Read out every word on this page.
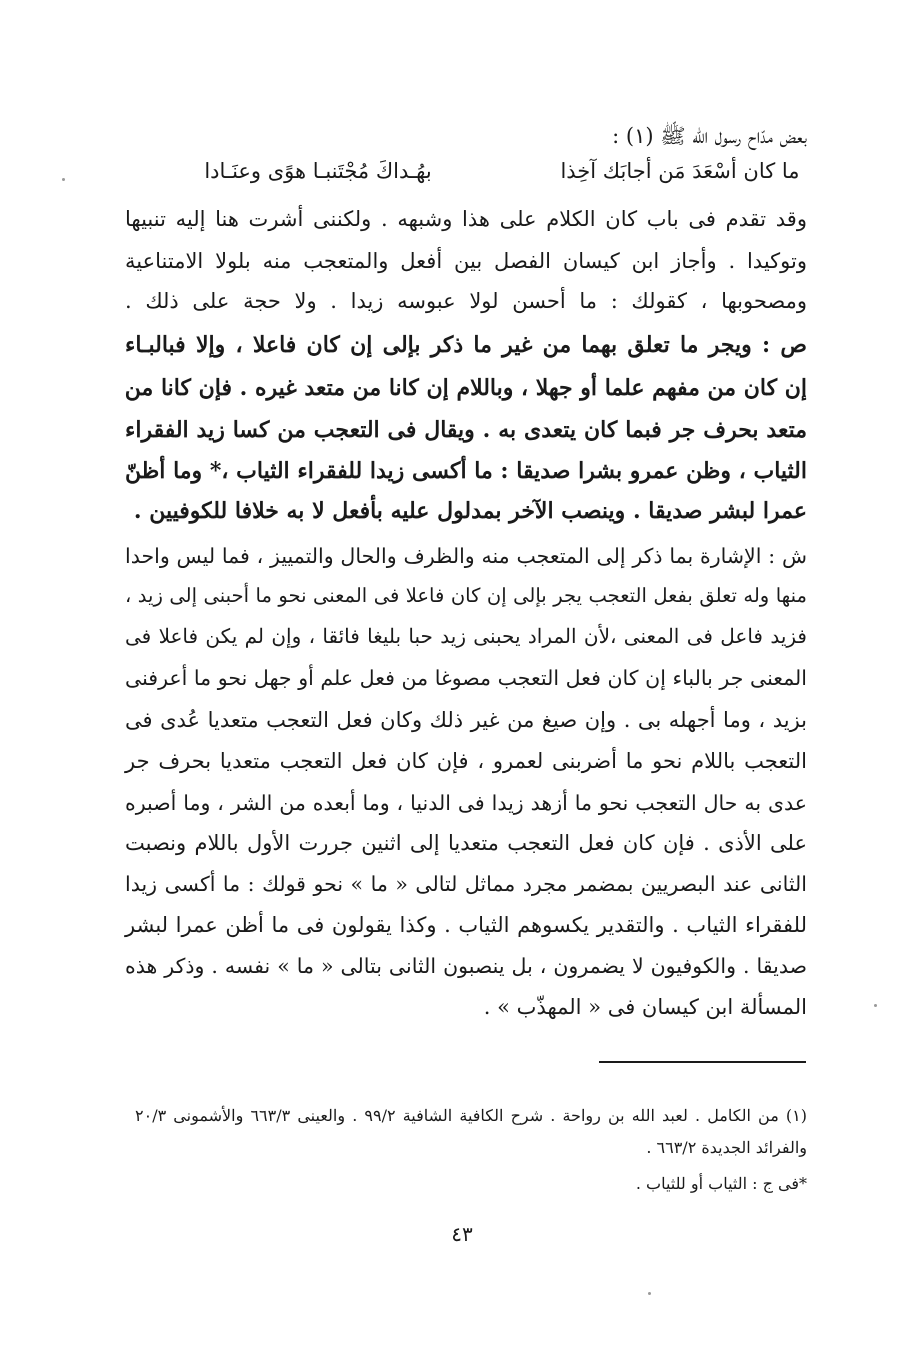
بعض مدّاح رسول الله ﷺ (١) :
ما كان أسْعَدَ مَن أجابَك آخِذا
بهُـداكَ مُجْتَنبـا هوًى وعنَـادا
وقد تقدم فى باب كان الكلام على هذا وشبهه . ولكننى أشرت هنا إليه تنبيها
وتوكيدا . وأجاز ابن كيسان الفصل بين أفعل والمتعجب منه بلولا الامتناعية
ومصحوبها ، كقولك : ما أحسن لولا عبوسه زيدا . ولا حجة على ذلك .
ص : ويجر ما تعلق بهما من غير ما ذكر بإلى إن كان فاعلا ، وإلا فبالبـاء
إن كان من مفهم علما أو جهلا ، وباللام إن كانا من متعد غيره . فإن كانا من
متعد بحرف جر فبما كان يتعدى به . ويقال فى التعجب من كسا زيد الفقراء
الثياب ، وظن عمرو بشرا صديقا : ما أكسى زيدا للفقراء الثياب ،* وما أظنّ
عمرا لبشر صديقا . وينصب الآخر بمدلول عليه بأفعل لا به خلافا للكوفيين .
ش : الإشارة بما ذكر إلى المتعجب منه والظرف والحال والتمييز ، فما ليس واحدا
منها وله تعلق بفعل التعجب يجر بإلى إن كان فاعلا فى المعنى نحو ما أحبنى إلى زيد ،
فزيد فاعل فى المعنى ،لأن المراد يحبنى زيد حبا بليغا فائقا ، وإن لم يكن فاعلا فى
المعنى جر بالباء إن كان فعل التعجب مصوغا من فعل علم أو جهل نحو ما أعرفنى
بزيد ، وما أجهله بى . وإن صيغ من غير ذلك وكان فعل التعجب متعديا عُدى فى
التعجب باللام نحو ما أضربنى لعمرو ، فإن كان فعل التعجب متعديا بحرف جر
عدى به حال التعجب نحو ما أزهد زيدا فى الدنيا ، وما أبعده من الشر ، وما أصبره
على الأذى . فإن كان فعل التعجب متعديا إلى اثنين جررت الأول باللام ونصبت
الثانى عند البصريين بمضمر مجرد مماثل لتالى « ما » نحو قولك : ما أكسى زيدا
للفقراء الثياب . والتقدير يكسوهم الثياب . وكذا يقولون فى ما أظن عمرا لبشر
صديقا . والكوفيون لا يضمرون ، بل ينصبون الثانى بتالى « ما » نفسه . وذكر هذه
المسألة ابن كيسان فى « المهذّب » .
(١) من الكامل . لعبد الله بن رواحة . شرح الكافية الشافية ٩٩/٢ . والعينى ٦٦٣/٣ والأشمونى ٢٠/٣
والفرائد الجديدة ٦٦٣/٢ .
*فى ج : الثياب أو للثياب .
٤٣
